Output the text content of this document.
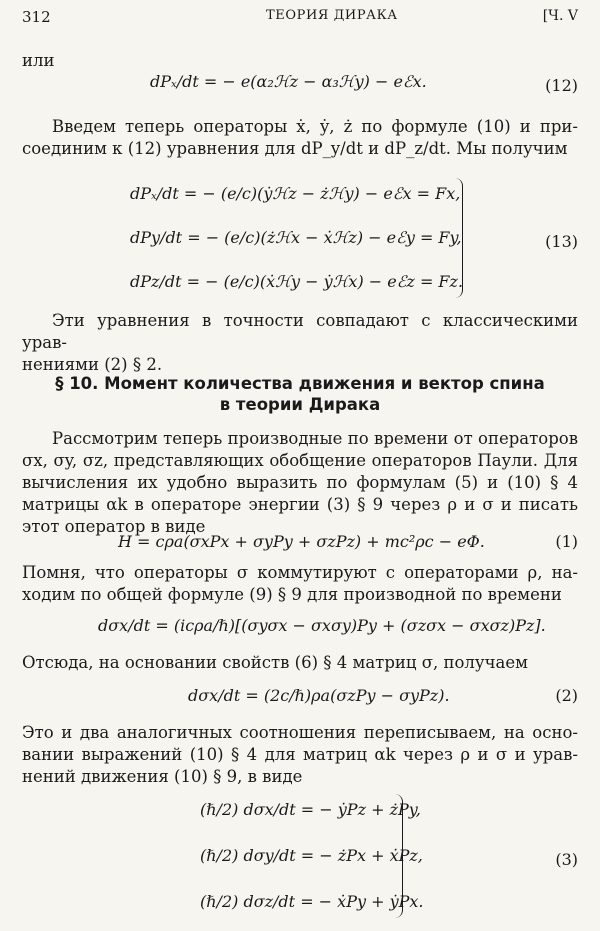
312	ТЕОРИЯ ДИРАКА	[Ч. V
или
dPₓ/dt = − e(α₂ℋz − α₃ℋy) − eℰx.	(12)
Введем теперь операторы ẋ, ẏ, ż по формуле (10) и при-
соединим к (12) уравнения для dP_y/dt и dP_z/dt. Мы получим
dPₓ/dt = − (e/c)(ẏℋz − żℋy) − eℰx = Fx,
dPy/dt = − (e/c)(żℋx − ẋℋz) − eℰy = Fy,
dPz/dt = − (e/c)(ẋℋy − ẏℋx) − eℰz = Fz.
(13)
Эти уравнения в точности совпадают с классическими урав-
нениями (2) § 2.
§ 10. Момент количества движения и вектор спина
в теории Дирака
Рассмотрим теперь производные по времени от операторов
σx, σy, σz, представляющих обобщение операторов Паули. Для
вычисления их удобно выразить по формулам (5) и (10) § 4
матрицы αk в операторе энергии (3) § 9 через ρ и σ и писать
этот оператор в виде
H = cρa(σxPx + σyPy + σzPz) + mc²ρc − eΦ.	(1)
Помня, что операторы σ коммутируют с операторами ρ, на-
ходим по общей формуле (9) § 9 для производной по времени
dσx/dt = (icρa/ℏ)[(σyσx − σxσy)Py + (σzσx − σxσz)Pz].
Отсюда, на основании свойств (6) § 4 матриц σ, получаем
dσx/dt = (2c/ℏ)ρa(σzPy − σyPz).	(2)
Это и два аналогичных соотношения переписываем, на осно-
вании выражений (10) § 4 для матриц αk через ρ и σ и урав-
нений движения (10) § 9, в виде
(ℏ/2) dσx/dt = − ẏPz + żPy,
(ℏ/2) dσy/dt = − żPx + ẋPz,
(ℏ/2) dσz/dt = − ẋPy + ẏPx.
(3)
